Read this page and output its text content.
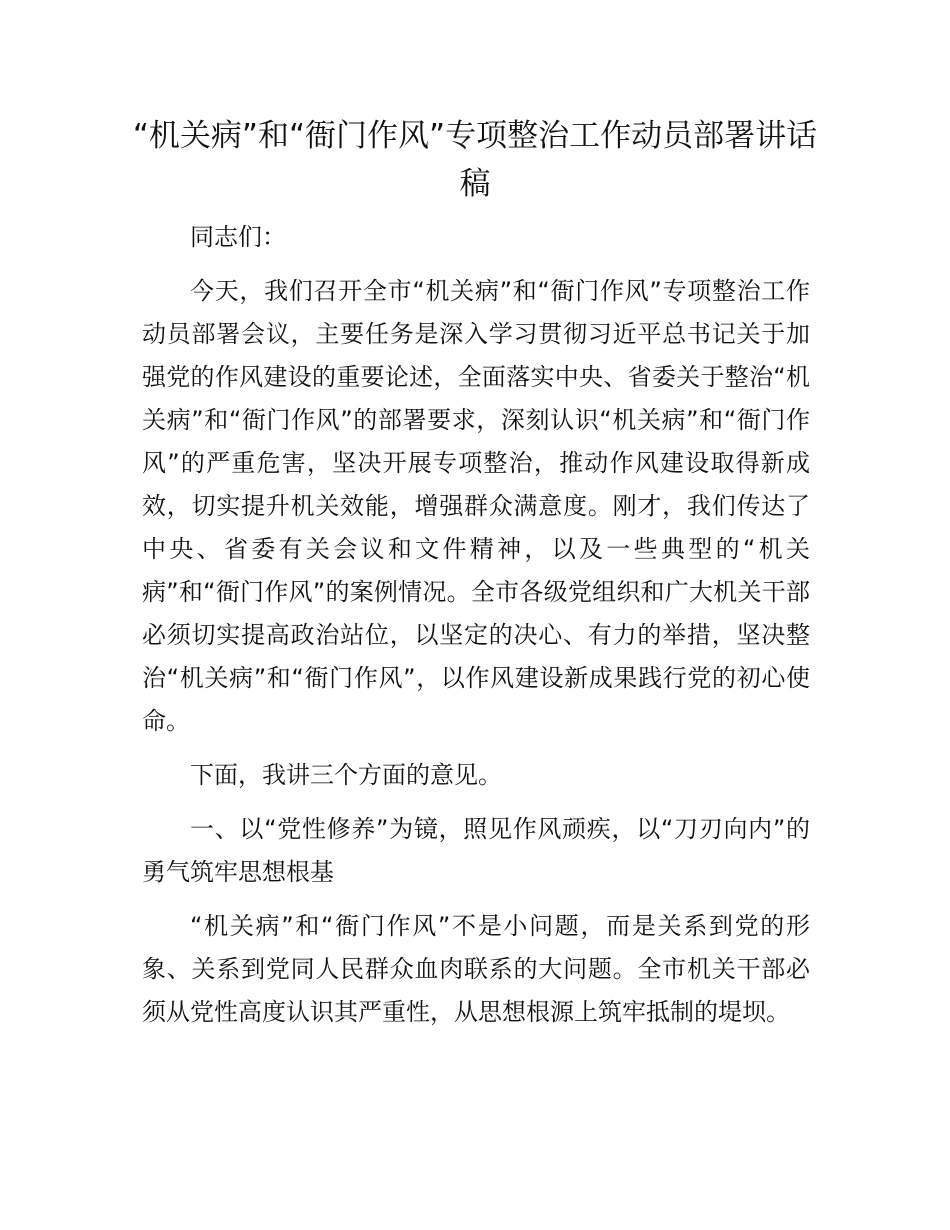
“机关病”和“衙门作风”专项整治工作动员部署讲话稿

同志们：

今天，我们召开全市“机关病”和“衙门作风”专项整治工作动员部署会议，主要任务是深入学习贯彻习近平总书记关于加强党的作风建设的重要论述，全面落实中央、省委关于整治“机关病”和“衙门作风”的部署要求，深刻认识“机关病”和“衙门作风”的严重危害，坚决开展专项整治，推动作风建设取得新成效，切实提升机关效能，增强群众满意度。刚才，我们传达了中央、省委有关会议和文件精神，以及一些典型的“机关病”和“衙门作风”的案例情况。全市各级党组织和广大机关干部必须切实提高政治站位，以坚定的决心、有力的举措，坚决整治“机关病”和“衙门作风”，以作风建设新成果践行党的初心使命。

下面，我讲三个方面的意见。

一、以“党性修养”为镜，照见作风顽疾，以“刀刃向内”的勇气筑牢思想根基

“机关病”和“衙门作风”不是小问题，而是关系到党的形象、关系到党同人民群众血肉联系的大问题。全市机关干部必须从党性高度认识其严重性，从思想根源上筑牢抵制的堤坝。
